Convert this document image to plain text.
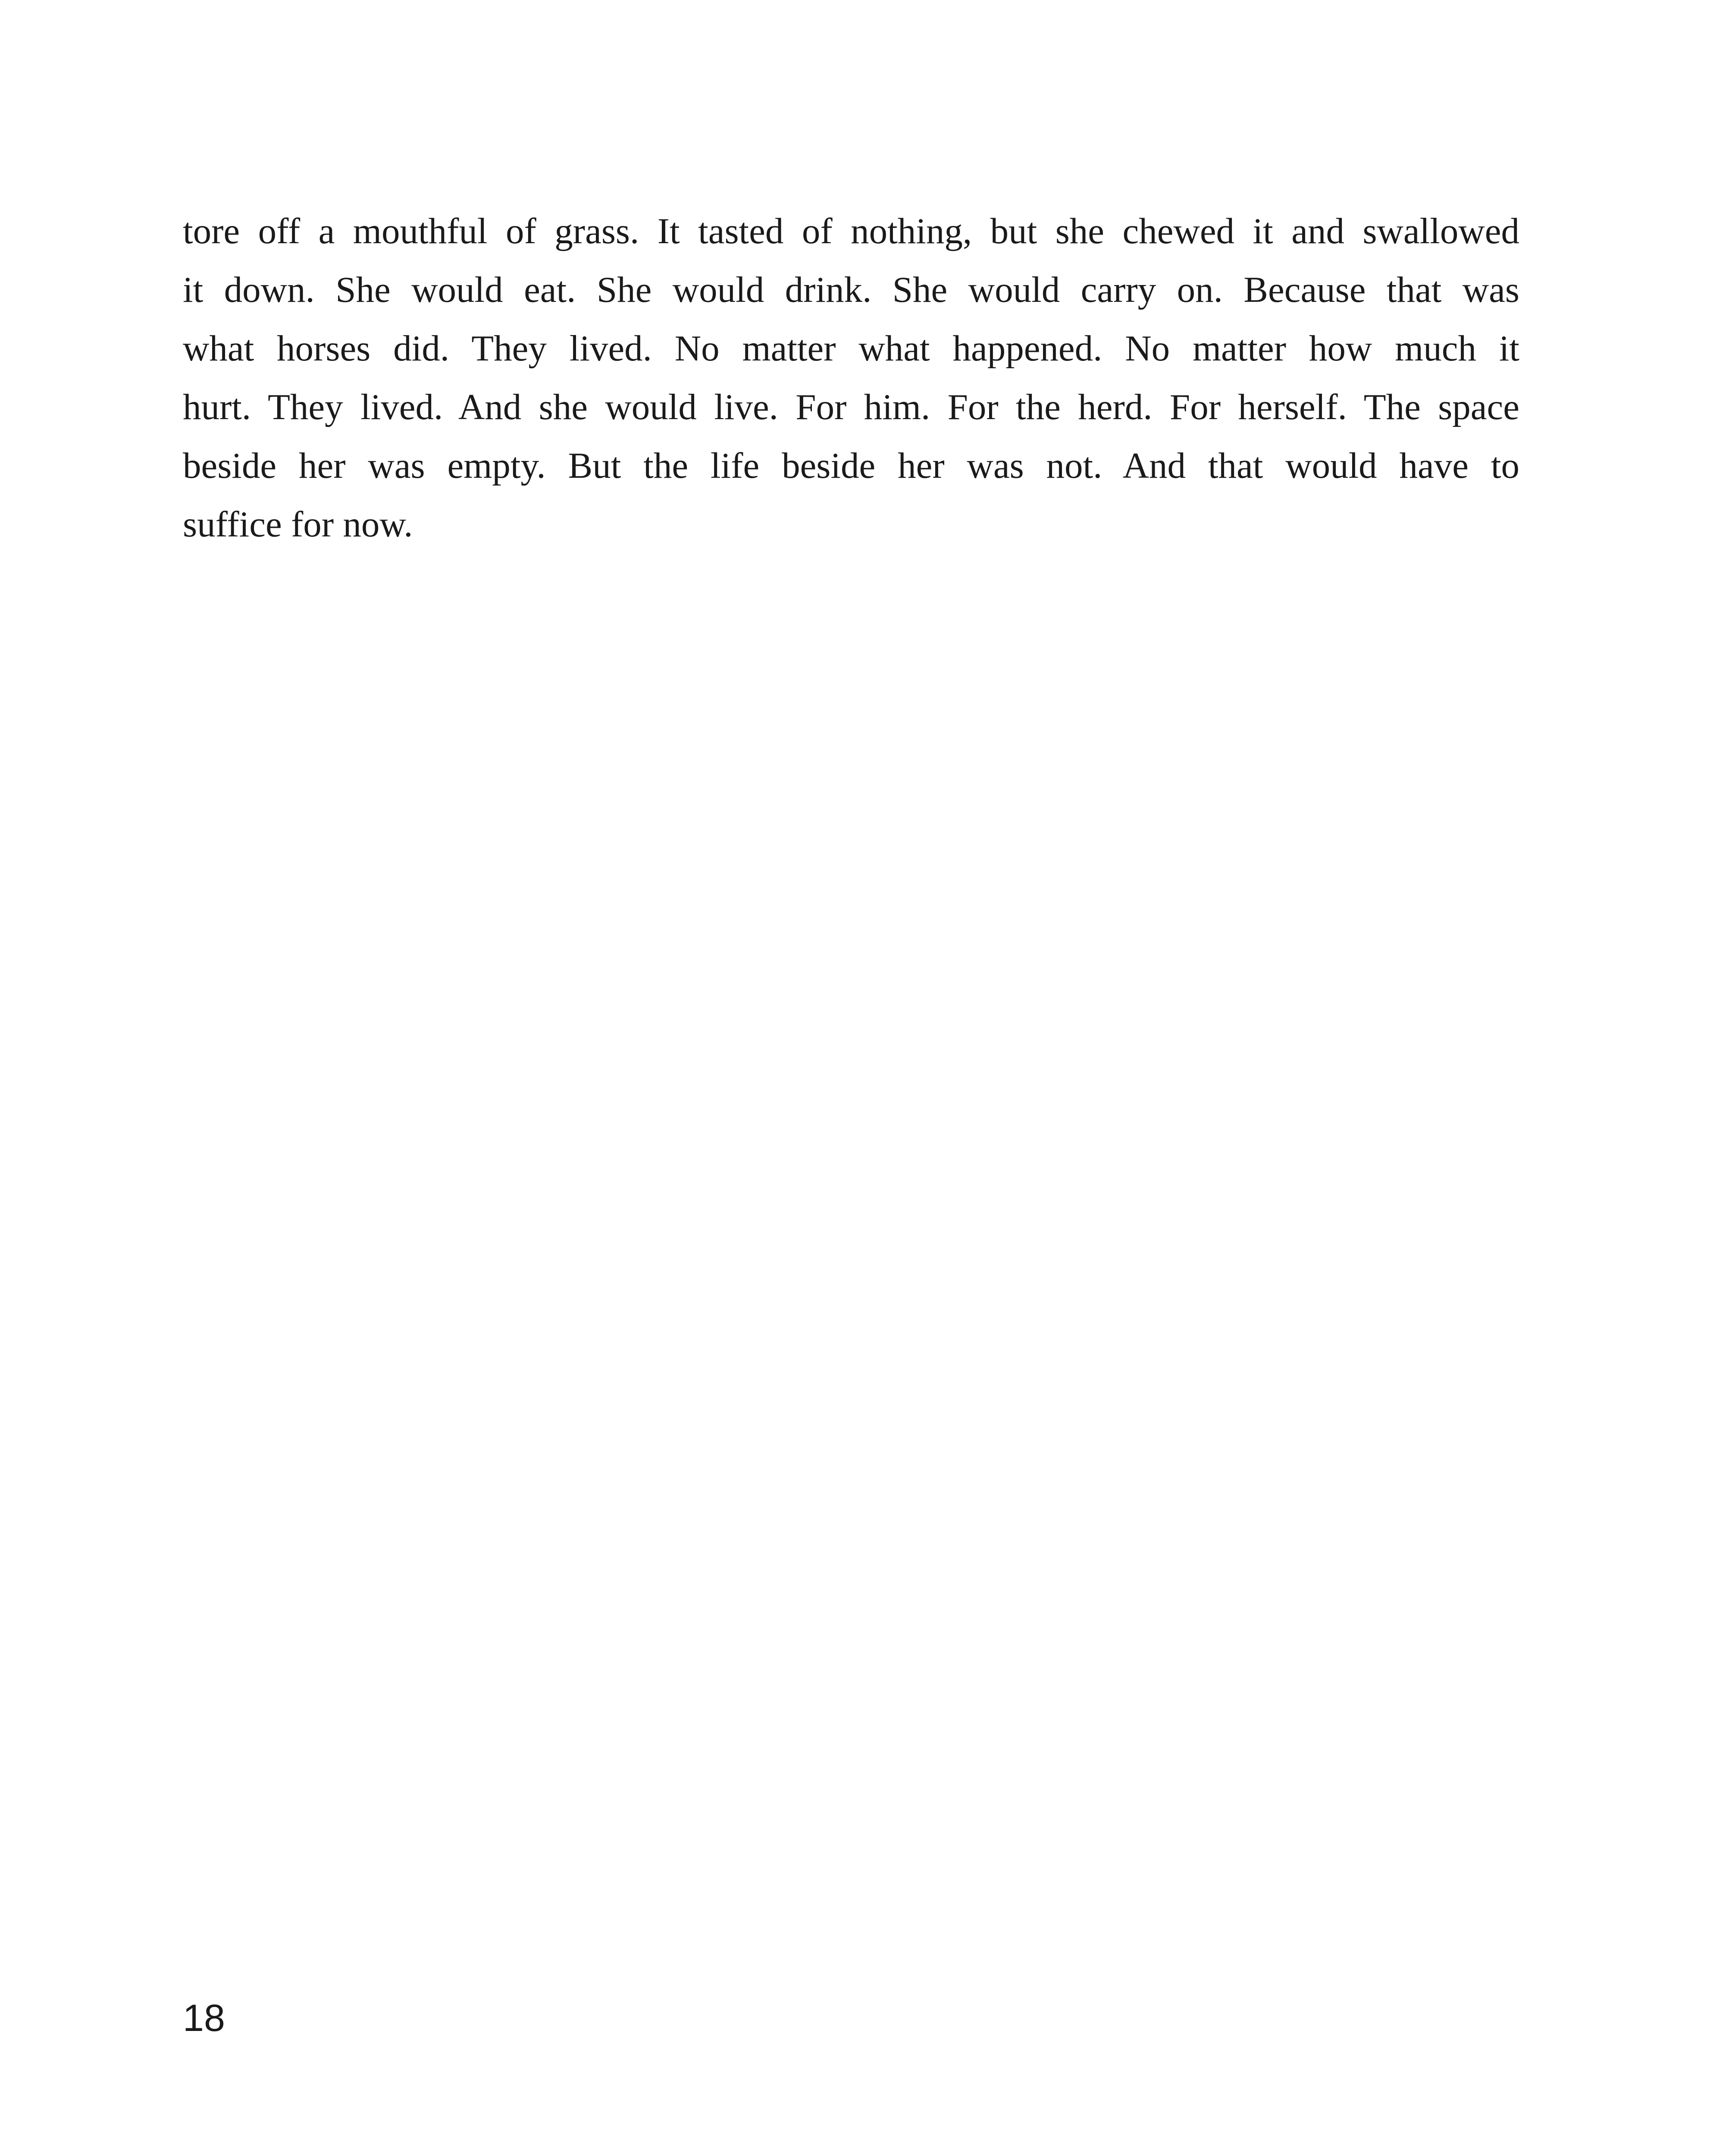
tore off a mouthful of grass. It tasted of nothing, but she chewed it and swallowed
it down. She would eat. She would drink. She would carry on. Because that was
what horses did. They lived. No matter what happened. No matter how much it
hurt. They lived. And she would live. For him. For the herd. For herself. The space
beside her was empty. But the life beside her was not. And that would have to
suffice for now.

18
